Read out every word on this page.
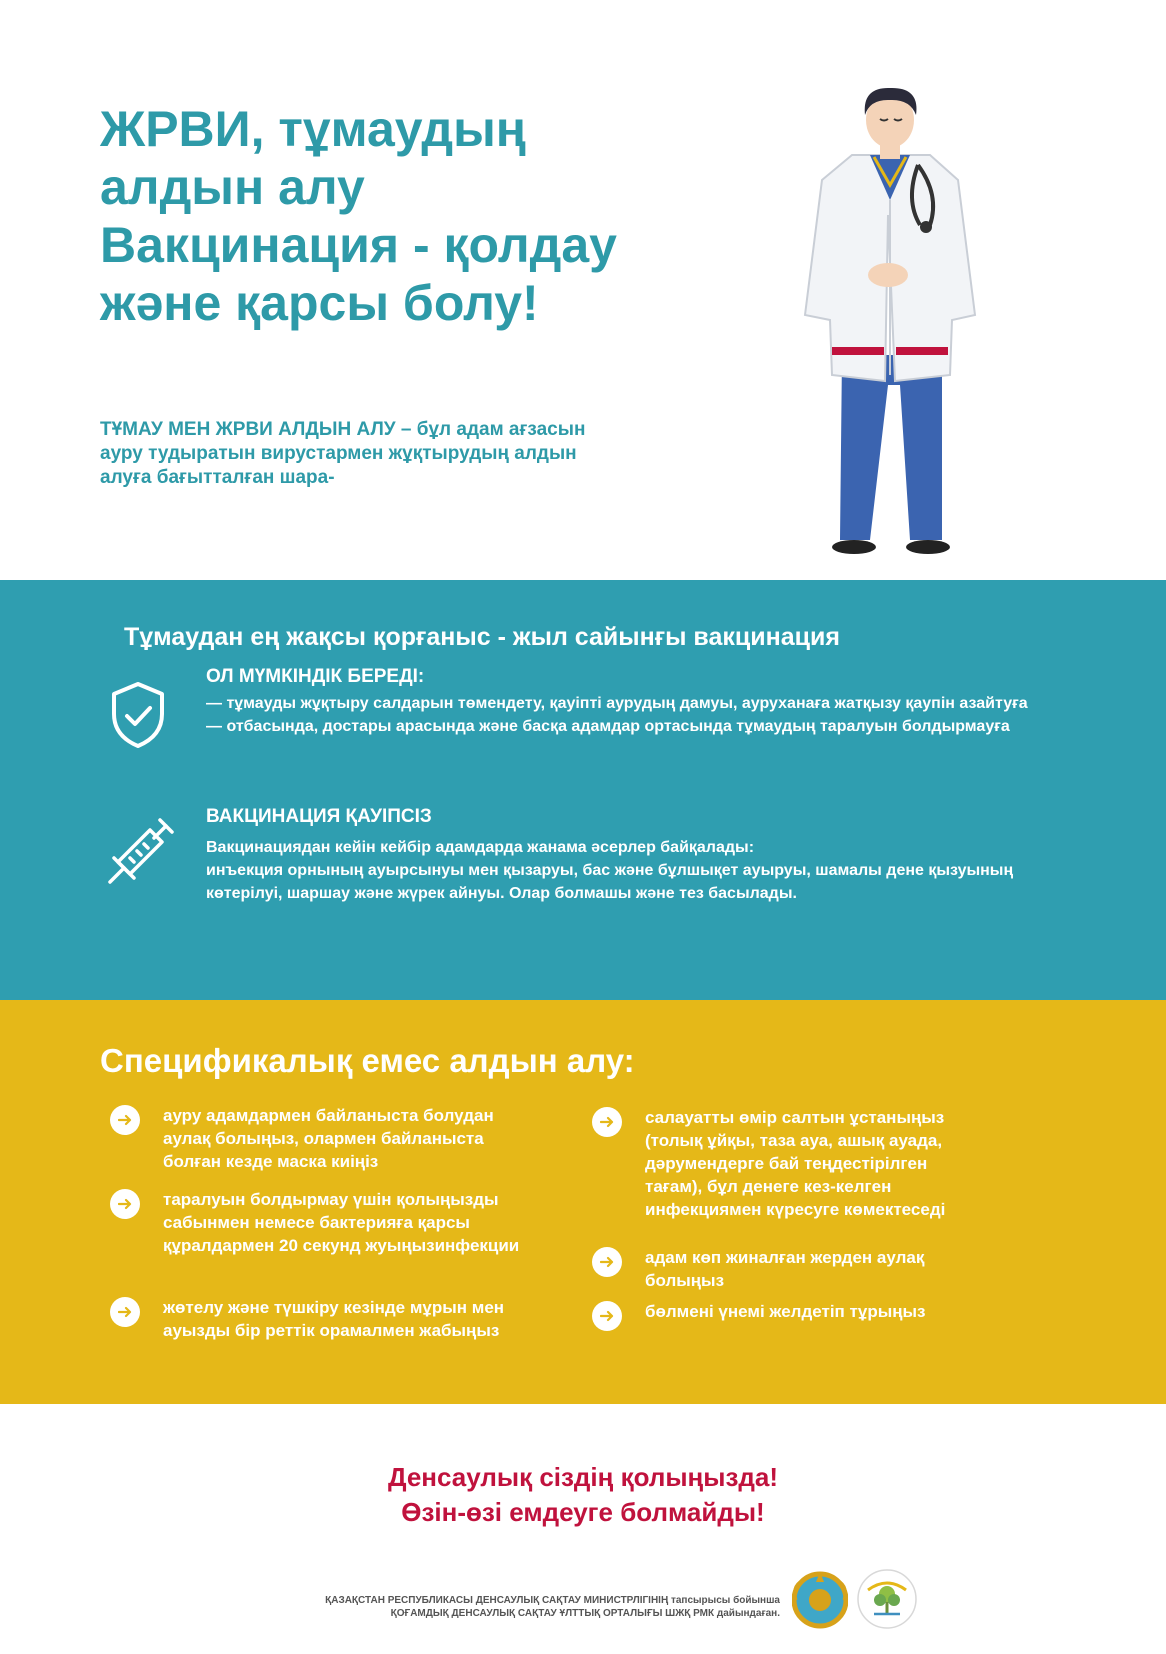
ЖРВИ, тұмаудың
алдын алу
Вакцинация - қолдау
және қарсы болу!

ТҰМАУ МЕН ЖРВИ АЛДЫН АЛУ – бұл адам ағзасын ауру тудыратын вирустармен жұқтырудың алдын алуға бағытталған шара-

Тұмаудан ең жақсы қорғаныс - жыл сайынғы вакцинация
ОЛ МҮМКІНДІК БЕРЕДІ:
— тұмауды жұқтыру салдарын төмендету, қауіпті аурудың дамуы, ауруханаға жатқызу қаупін азайтуға
— отбасында, достары арасында және басқа адамдар ортасында тұмаудың таралуын болдырмауға
ВАКЦИНАЦИЯ ҚАУІПСІЗ
Вакцинациядан кейін кейбір адамдарда жанама әсерлер байқалады:
инъекция орнының ауырсынуы мен қызаруы, бас және бұлшықет ауыруы, шамалы дене қызуының көтерілуі, шаршау және жүрек айнуы. Олар болмашы және тез басылады.
Спецификалық емес алдын алу:
ауру адамдармен байланыста болудан аулақ болыңыз, олармен байланыста болған кезде маска киіңіз
таралуын болдырмау үшін қолыңызды сабынмен немесе бактерияға қарсы құралдармен 20 секунд жуыңызинфекции
жөтелу және түшкіру кезінде мұрын мен ауызды бір реттік орамалмен жабыңыз
салауатты өмір салтын ұстаныңыз (толық ұйқы, таза ауа, ашық ауада, дәрумендерге бай теңдестірілген тағам), бұл денеге кез-келген инфекциямен күресуге көмектеседі
адам көп жиналған жерден аулақ болыңыз
бөлмені үнемі желдетіп тұрыңыз
Денсаулық сіздің қолыңызда!
Өзін-өзі емдеуге болмайды!
ҚАЗАҚСТАН РЕСПУБЛИКАСЫ ДЕНСАУЛЫҚ САҚТАУ МИНИСТРЛІГІНІҢ тапсырысы бойынша
ҚОҒАМДЫҚ ДЕНСАУЛЫҚ САҚТАУ ҰЛТТЫҚ ОРТАЛЫҒЫ ШЖҚ РМК дайындаған.
